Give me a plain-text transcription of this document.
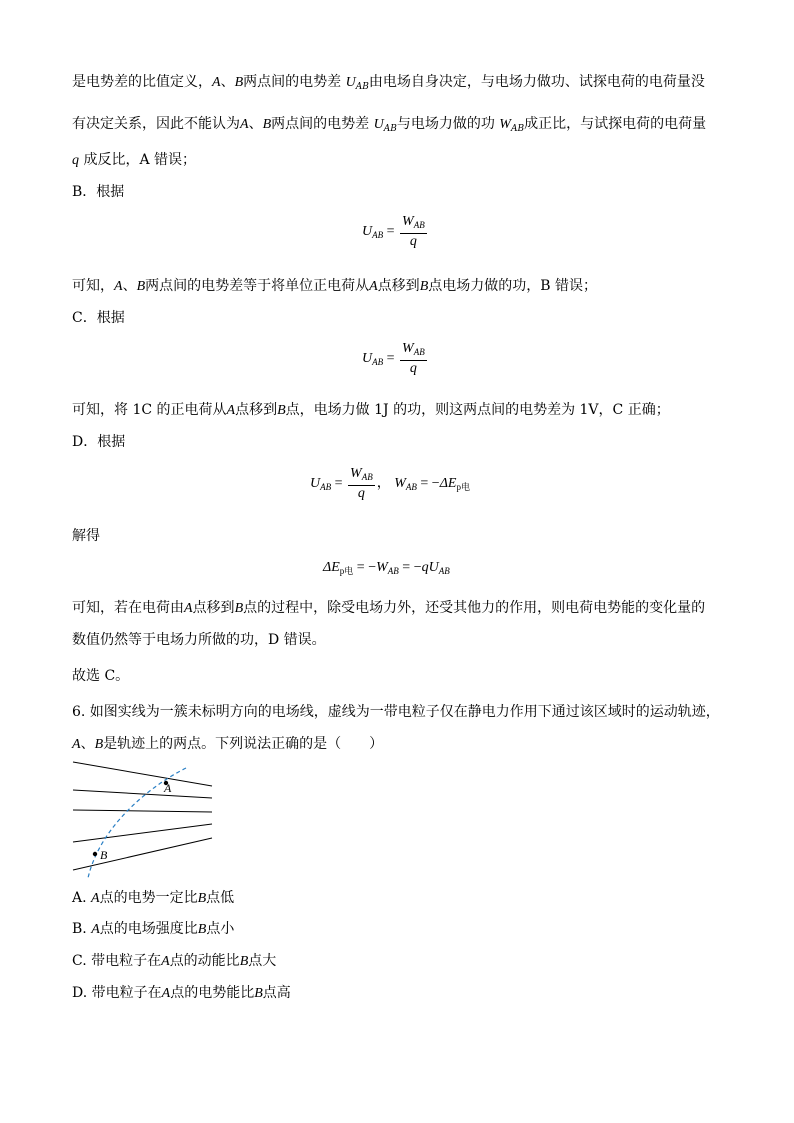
是电势差的比值定义，A、B两点间的电势差 $U_{AB}$由电场自身决定，与电场力做功、试探电荷的电荷量没
有决定关系，因此不能认为A、B两点间的电势差 $U_{AB}$与电场力做的功 $W_{AB}$成正比，与试探电荷的电荷量
q 成反比，A 错误；
B．根据
$U_{AB} = \frac{W_{AB}}{q}$
可知，A、B两点间的电势差等于将单位正电荷从A点移到B点电场力做的功，B 错误；
C．根据
$U_{AB} = \frac{W_{AB}}{q}$
可知，将 1C 的正电荷从A点移到B点，电场力做 1J 的功，则这两点间的电势差为 1V，C 正确；
D．根据
$U_{AB} = \frac{W_{AB}}{q}$ ， $W_{AB} = -\Delta E_{p电}$
解得
$\Delta E_{p电} = -W_{AB} = -qU_{AB}$
可知，若在电荷由A点移到B点的过程中，除受电场力外，还受其他力的作用，则电荷电势能的变化量的
数值仍然等于电场力所做的功，D 错误。
故选 C。
6. 如图实线为一簇未标明方向的电场线，虚线为一带电粒子仅在静电力作用下通过该区域时的运动轨迹，
A、B是轨迹上的两点。下列说法正确的是（　　）
A
B
A. A点的电势一定比B点低
B. A点的电场强度比B点小
C. 带电粒子在A点的动能比B点大
D. 带电粒子在A点的电势能比B点高
